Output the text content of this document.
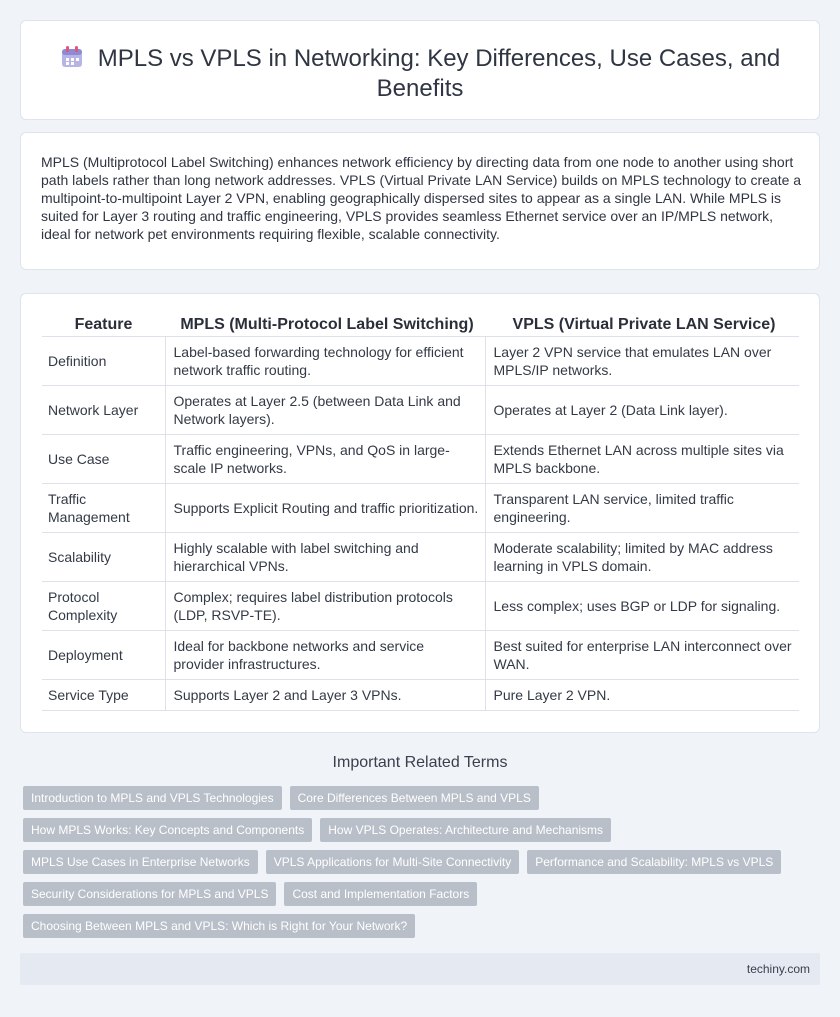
MPLS vs VPLS in Networking: Key Differences, Use Cases, and Benefits

MPLS (Multiprotocol Label Switching) enhances network efficiency by directing data from one node to another using short path labels rather than long network addresses. VPLS (Virtual Private LAN Service) builds on MPLS technology to create a multipoint-to-multipoint Layer 2 VPN, enabling geographically dispersed sites to appear as a single LAN. While MPLS is suited for Layer 3 routing and traffic engineering, VPLS provides seamless Ethernet service over an IP/MPLS network, ideal for network pet environments requiring flexible, scalable connectivity.

Feature	MPLS (Multi-Protocol Label Switching)	VPLS (Virtual Private LAN Service)
Definition	Label-based forwarding technology for efficient network traffic routing.	Layer 2 VPN service that emulates LAN over MPLS/IP networks.
Network Layer	Operates at Layer 2.5 (between Data Link and Network layers).	Operates at Layer 2 (Data Link layer).
Use Case	Traffic engineering, VPNs, and QoS in large-scale IP networks.	Extends Ethernet LAN across multiple sites via MPLS backbone.
Traffic Management	Supports Explicit Routing and traffic prioritization.	Transparent LAN service, limited traffic engineering.
Scalability	Highly scalable with label switching and hierarchical VPNs.	Moderate scalability; limited by MAC address learning in VPLS domain.
Protocol Complexity	Complex; requires label distribution protocols (LDP, RSVP-TE).	Less complex; uses BGP or LDP for signaling.
Deployment	Ideal for backbone networks and service provider infrastructures.	Best suited for enterprise LAN interconnect over WAN.
Service Type	Supports Layer 2 and Layer 3 VPNs.	Pure Layer 2 VPN.
Important Related Terms
Introduction to MPLS and VPLS Technologies	Core Differences Between MPLS and VPLS
How MPLS Works: Key Concepts and Components	How VPLS Operates: Architecture and Mechanisms
MPLS Use Cases in Enterprise Networks	VPLS Applications for Multi-Site Connectivity	Performance and Scalability: MPLS vs VPLS
Security Considerations for MPLS and VPLS	Cost and Implementation Factors
Choosing Between MPLS and VPLS: Which is Right for Your Network?
techiny.com
